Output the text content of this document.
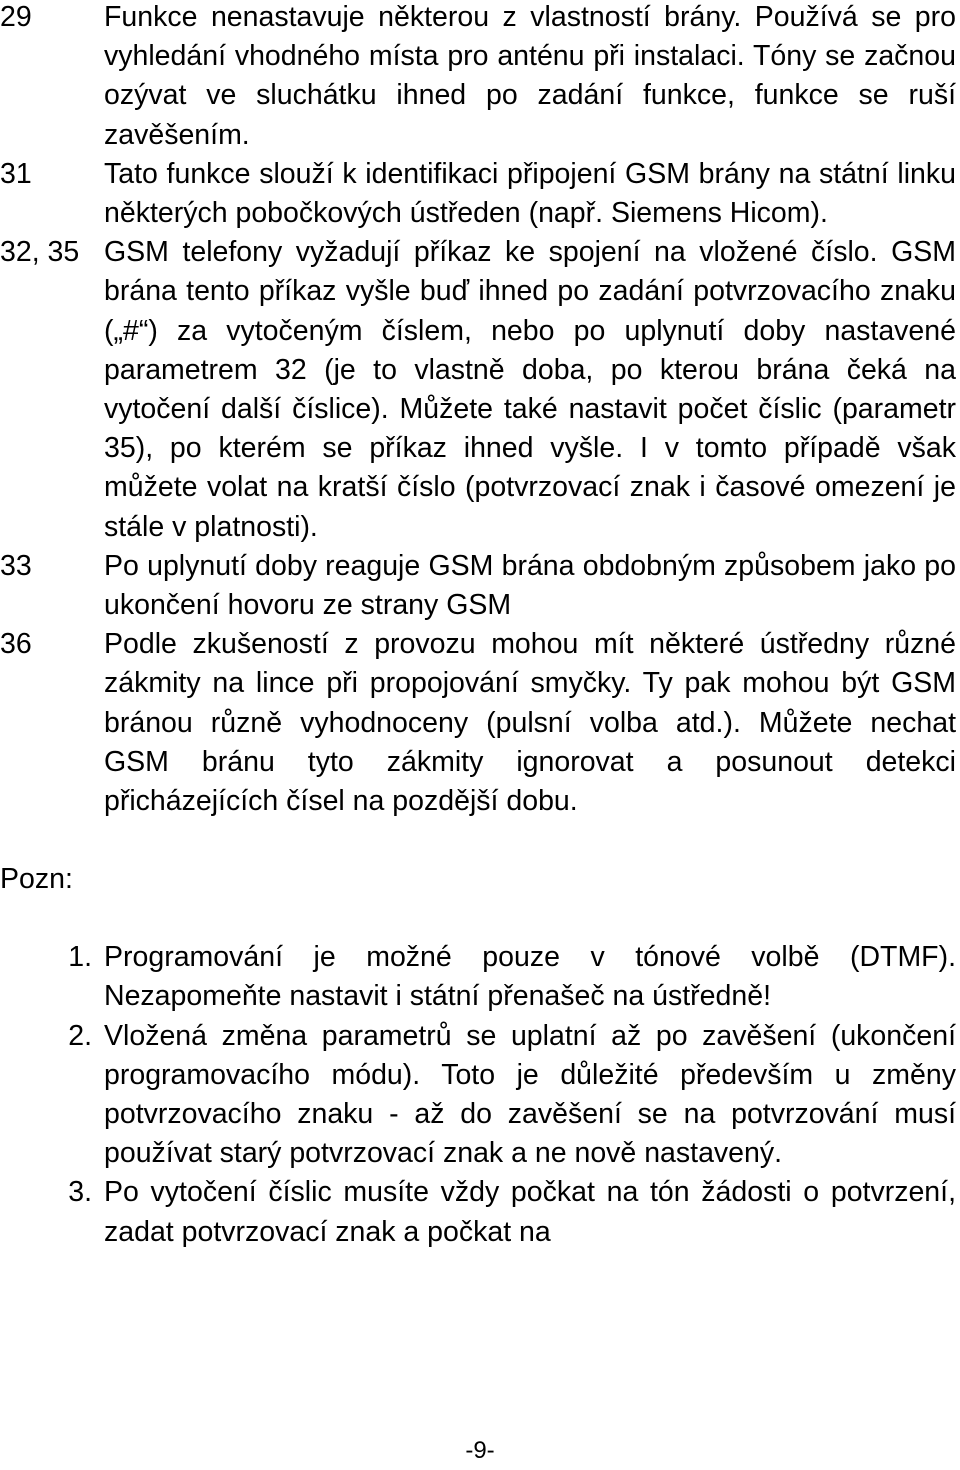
29	Funkce nenastavuje některou z vlastností brány. Používá se pro vyhledání vhodného místa pro anténu při instalaci. Tóny se začnou ozývat ve sluchátku ihned po zadání funkce, funkce se ruší zavěšením.
31	Tato funkce slouží k identifikaci připojení GSM brány na státní linku některých pobočkových ústředen (např. Siemens Hicom).
32, 35 GSM telefony vyžadují příkaz ke spojení na vložené číslo. GSM brána tento příkaz vyšle buď ihned po zadání potvrzovacího znaku („#“) za vytočeným číslem, nebo po uplynutí doby nastavené parametrem 32 (je to vlastně doba, po kterou brána čeká na vytočení další číslice). Můžete také nastavit počet číslic (parametr 35), po kterém se příkaz ihned vyšle. I v tomto případě však můžete volat na kratší číslo (potvrzovací znak i časové omezení je stále v platnosti).
33	Po uplynutí doby reaguje GSM brána obdobným způsobem jako po ukončení hovoru ze strany GSM
36	Podle zkušeností z provozu mohou mít některé ústředny různé zákmity na lince při propojování smyčky. Ty pak mohou být GSM bránou různě vyhodnoceny (pulsní volba atd.). Můžete nechat GSM bránu tyto zákmity ignorovat a posunout detekci přicházejících čísel na pozdější dobu.
Pozn:
1. Programování je možné pouze v tónové volbě (DTMF). Nezapomeňte nastavit i státní přenašeč na ústředně!
2. Vložená změna parametrů se uplatní až po zavěšení (ukončení programovacího módu). Toto je důležité především u změny potvrzovacího znaku - až do zavěšení se na potvrzování musí používat starý potvrzovací znak a ne nově nastavený.
3. Po vytočení číslic musíte vždy počkat na tón žádosti o potvrzení, zadat potvrzovací znak a počkat na
-9-
